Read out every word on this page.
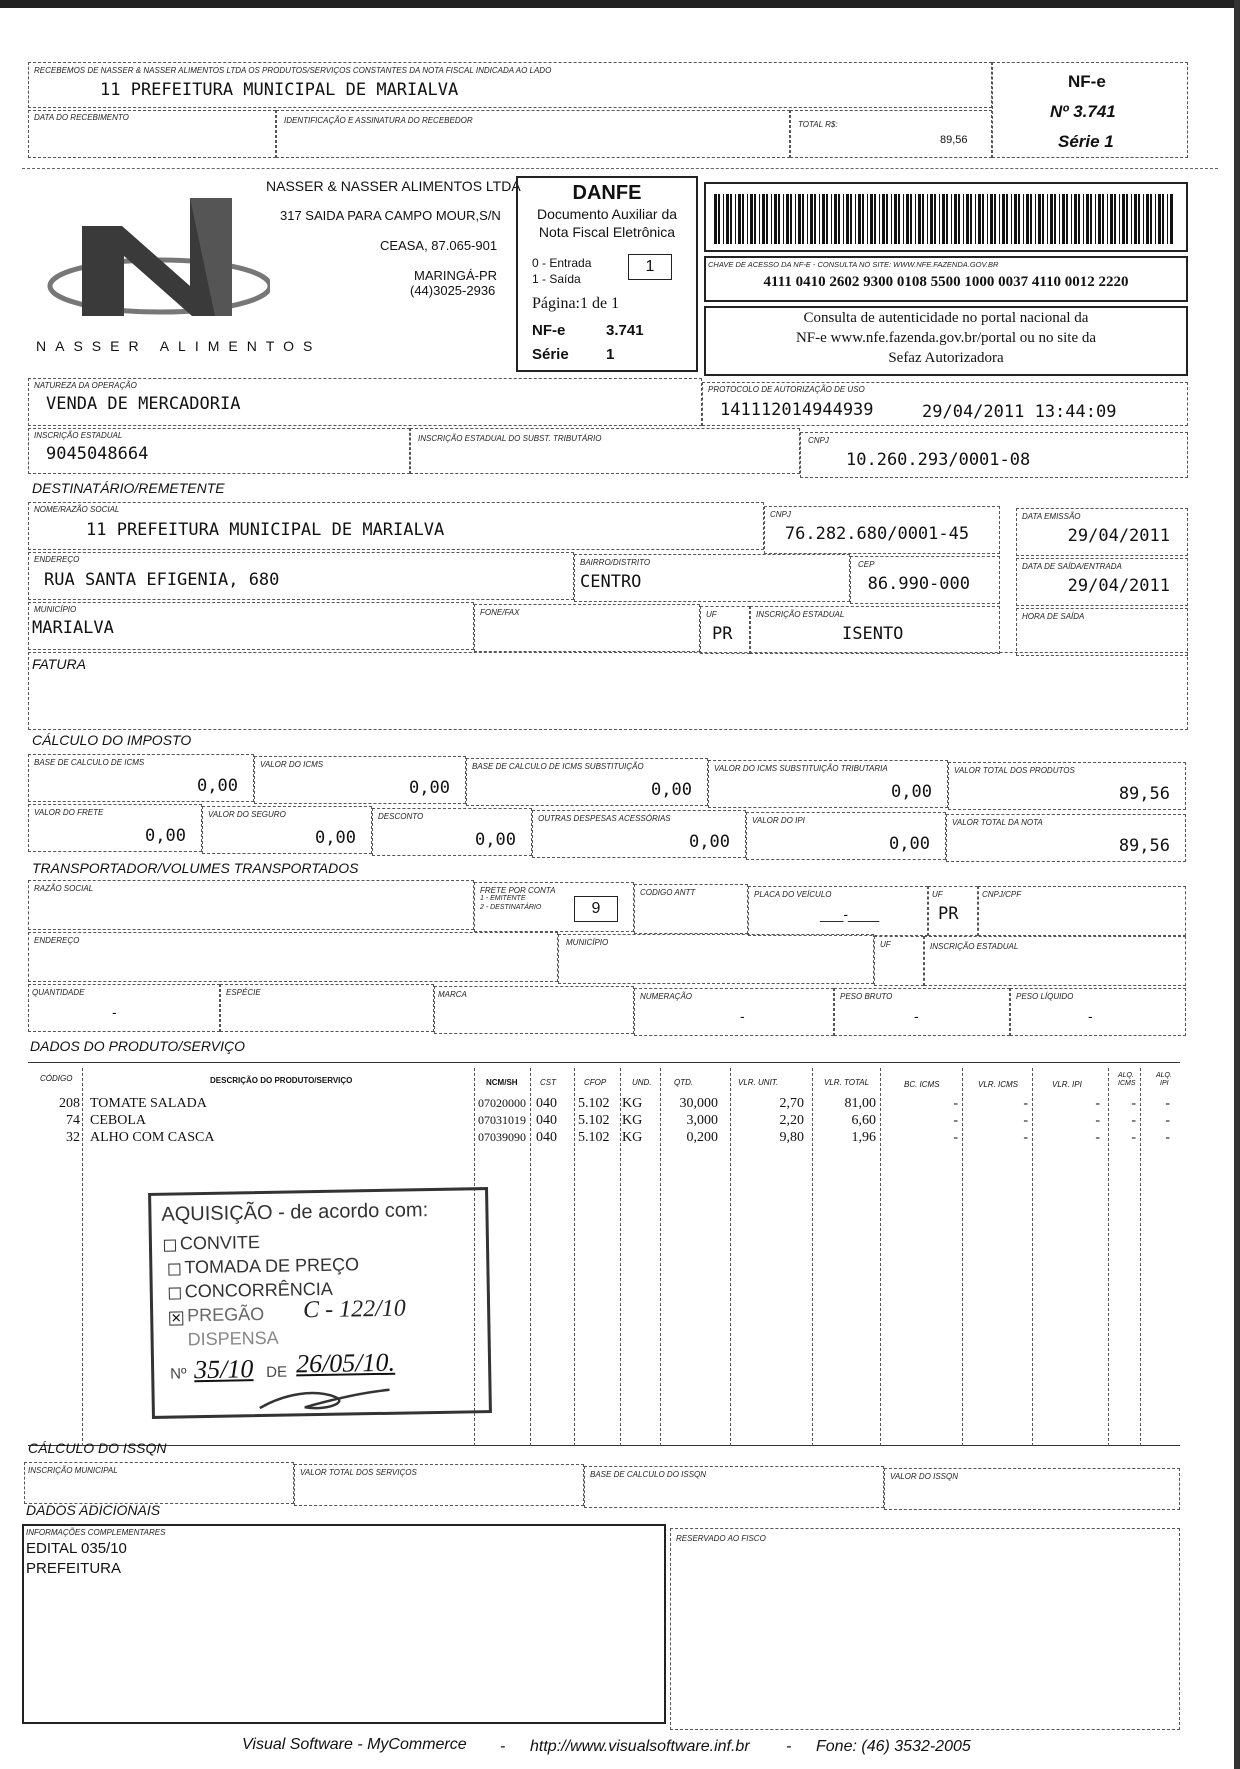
RECEBEMOS DE NASSER & NASSER ALIMENTOS LTDA OS PRODUTOS/SERVIÇOS CONSTANTES DA NOTA FISCAL INDICADA AO LADO
11 PREFEITURA MUNICIPAL DE MARIALVA
DATA DO RECEBIMENTO	IDENTIFICAÇÃO E ASSINATURA DO RECEBEDOR	TOTAL R$:
89,56
NF-e
Nº 3.741
Série 1
NASSER ALIMENTOS
NASSER & NASSER ALIMENTOS LTDA
317 SAIDA PARA CAMPO MOUR,S/N
CEASA, 87.065-901
MARINGÁ-PR
(44)3025-2936
DANFE
Documento Auxiliar da
Nota Fiscal Eletrônica
0 - Entrada
1 - Saída
1
Página:1 de 1
NF-e	3.741
Série 1
CHAVE DE ACESSO DA NF-E - CONSULTA NO SITE: WWW.NFE.FAZENDA.GOV.BR
4111 0410 2602 9300 0108 5500 1000 0037 4110 0012 2220
Consulta de autenticidade no portal nacional da
NF-e www.nfe.fazenda.gov.br/portal ou no site da
Sefaz Autorizadora
NATUREZA DA OPERAÇÃO
VENDA DE MERCADORIA
PROTOCOLO DE AUTORIZAÇÃO DE USO
141112014944939	29/04/2011 13:44:09
INSCRIÇÃO ESTADUAL
9045048664
INSCRIÇÃO ESTADUAL DO SUBST. TRIBUTÁRIO	CNPJ
10.260.293/0001-08
DESTINATÁRIO/REMETENTE
NOME/RAZÃO SOCIAL
11 PREFEITURA MUNICIPAL DE MARIALVA
CNPJ
76.282.680/0001-45
DATA EMISSÃO
29/04/2011
ENDEREÇO
RUA SANTA EFIGENIA, 680
BAIRRO/DISTRITO
CENTRO
CEP
86.990-000
DATA DE SAÍDA/ENTRADA
29/04/2011
MUNICÍPIO
MARIALVA
FONE/FAX	UF
PR
INSCRIÇÃO ESTADUAL
ISENTO
HORA DE SAÍDA
FATURA
CÁLCULO DO IMPOSTO
BASE DE CALCULO DE ICMS
0,00
VALOR DO ICMS
0,00
BASE DE CALCULO DE ICMS SUBSTITUIÇÃO
0,00
VALOR DO ICMS SUBSTITUIÇÃO TRIBUTARIA
0,00
VALOR TOTAL DOS PRODUTOS
89,56
VALOR DO FRETE
0,00
VALOR DO SEGURO
0,00
DESCONTO
0,00
OUTRAS DESPESAS ACESSÓRIAS
0,00
VALOR DO IPI
0,00
VALOR TOTAL DA NOTA
89,56
TRANSPORTADOR/VOLUMES TRANSPORTADOS
RAZÃO SOCIAL	FRETE POR CONTA
1 - EMITENTE
2 - DESTINATÁRIO	9
CODIGO ANTT	PLACA DO VEÍCULO
___-____
UF
PR
CNPJ/CPF
ENDEREÇO	MUNICÍPIO	UF	INSCRIÇÃO ESTADUAL
QUANTIDADE
-
ESPÉCIE	MARCA	NUMERAÇÃO
-
PESO BRUTO
-
PESO LÍQUIDO
-
DADOS DO PRODUTO/SERVIÇO
CÓDIGO	DESCRIÇÃO DO PRODUTO/SERVIÇO	NCM/SH	CST	CFOP	UND.	QTD.	VLR. UNIT.	VLR. TOTAL	BC. ICMS	VLR. ICMS	VLR. IPI
ALQ.
ICMS
ALQ.
IPI
208 TOMATE SALADA	07020000 040	5.102 KG	30,000	2,70	81,00	-	-	-	-	-
74 CEBOLA	07031019 040	5.102 KG	3,000	2,20	6,60	-	-	-	-	-
32 ALHO COM CASCA	07039090 040	5.102 KG	0,200	9,80	1,96	-	-	-	-	-
AQUISIÇÃO - de acordo com:
CONVITE
TOMADA DE PREÇO
CONCORRÊNCIA
✕ PREGÃO C - 122/10
DISPENSA
Nº 35/10 DE 26/05/10.
CÁLCULO DO ISSQN
INSCRIÇÃO MUNICIPAL	VALOR TOTAL DOS SERVIÇOS	BASE DE CALCULO DO ISSQN	VALOR DO ISSQN
DADOS ADICIONAIS
INFORMAÇÕES COMPLEMENTARES
EDITAL 035/10
PREFEITURA
RESERVADO AO FISCO
Visual Software - MyCommerce - http://www.visualsoftware.inf.br - Fone: (46) 3532-2005
